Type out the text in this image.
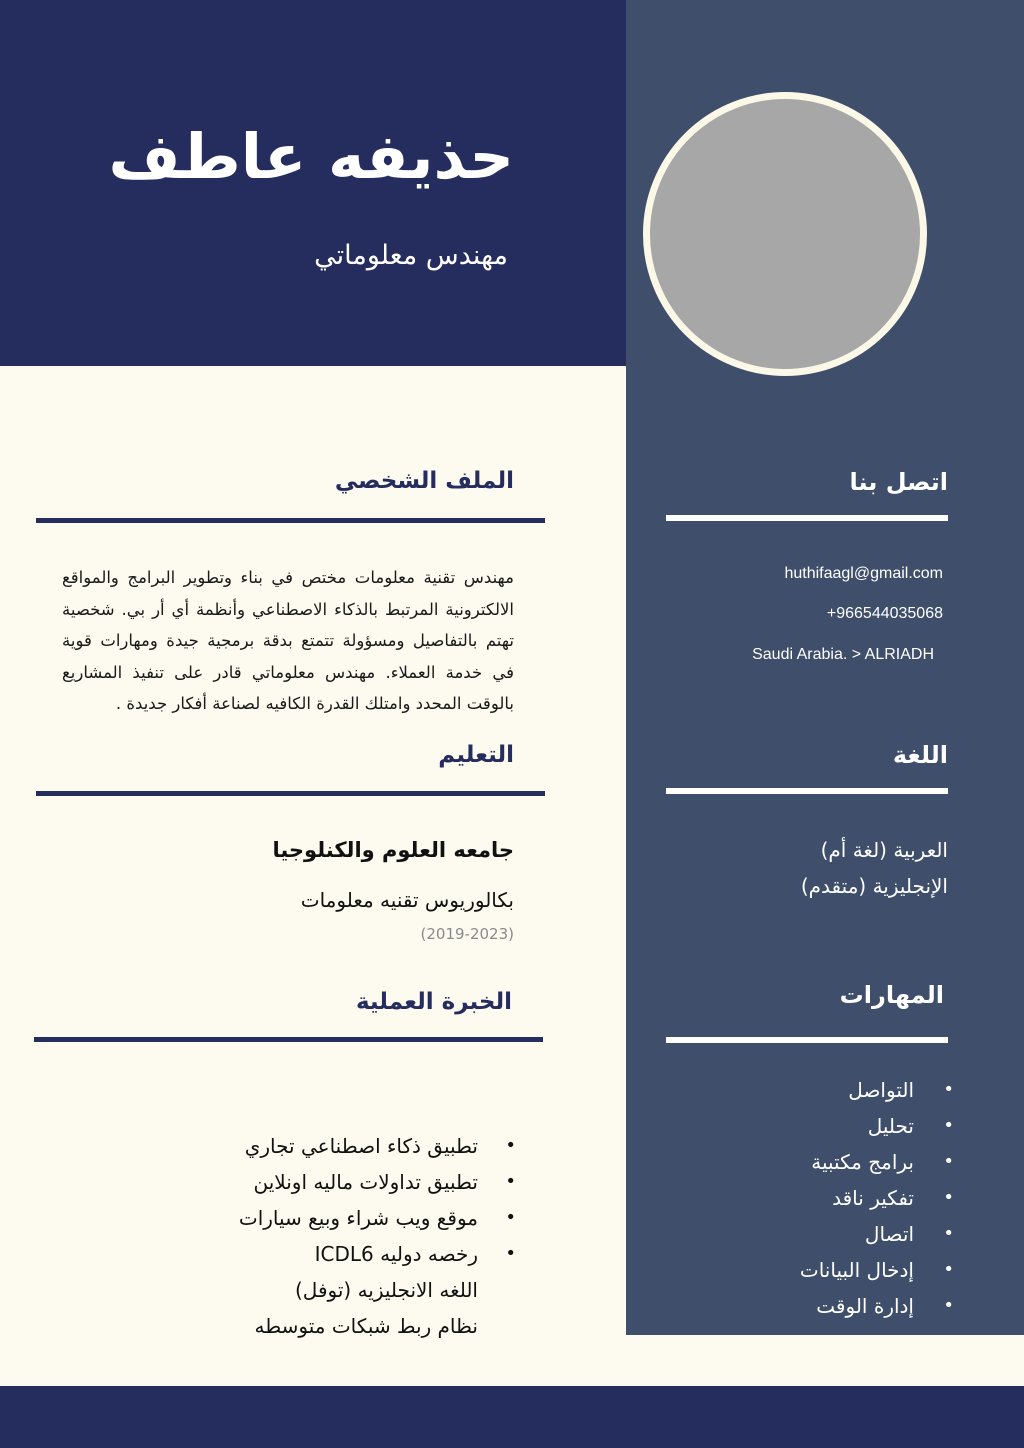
حذيفه عاطف
مهندس معلوماتي
اتصل بنا
huthifaagl@gmail.com
+966544035068
Saudi Arabia. > ALRIADH
اللغة
العربية (لغة أم)
الإنجليزية (متقدم)
المهارات
• التواصل
• تحليل
• برامج مكتبية
• تفكير ناقد
• اتصال
• إدخال البيانات
• إدارة الوقت
الملف الشخصي
مهندس تقنية معلومات مختص في بناء وتطوير البرامج والمواقع الالكترونية المرتبط بالذكاء الاصطناعي وأنظمة أي أر بي. شخصية تهتم بالتفاصيل ومسؤولة تتمتع بدقة برمجية جيدة ومهارات قوية في خدمة العملاء. مهندس معلوماتي قادر على تنفيذ المشاريع بالوقت المحدد وامتلك القدرة الكافيه لصناعة أفكار جديدة .
التعليم
جامعه العلوم والكنلوجيا
بكالوريوس تقنيه معلومات
(2019-2023)
الخبرة العملية
تطبيق ذكاء اصطناعي تجاري
تطبيق تداولات ماليه اونلاين
موقع ويب شراء وبيع سيارات
رخصه دوليه ICDL6
اللغه الانجليزيه (توفل)
نظام ربط شبكات متوسطه
•
•
•
•
